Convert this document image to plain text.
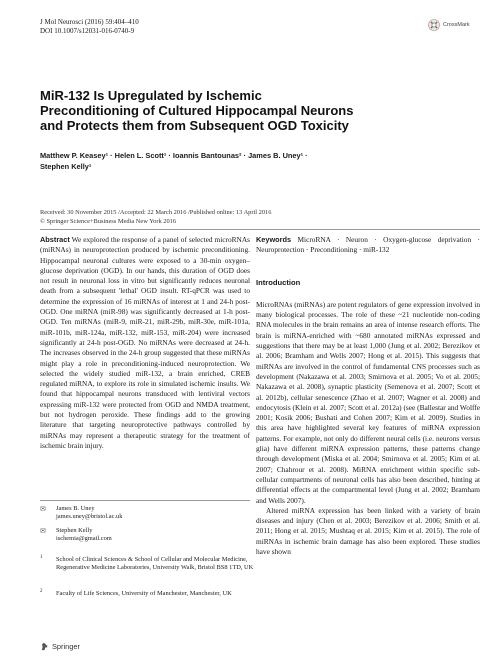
J Mol Neurosci (2016) 59:404–410
DOI 10.1007/s12031-016-0740-9
CrossMark
MiR-132 Is Upregulated by Ischemic Preconditioning of Cultured Hippocampal Neurons and Protects them from Subsequent OGD Toxicity
Matthew P. Keasey¹ · Helen L. Scott¹ · Ioannis Bantounas² · James B. Uney¹ ·
Stephen Kelly¹
Received: 30 November 2015 /Accepted: 22 March 2016 /Published online: 13 April 2016
© Springer Science+Business Media New York 2016

Abstract We explored the response of a panel of selected microRNAs (miRNAs) in neuroprotection produced by ischemic preconditioning. Hippocampal neuronal cultures were exposed to a 30-min oxygen–glucose deprivation (OGD). In our hands, this duration of OGD does not result in neuronal loss in vitro but significantly reduces neuronal death from a subsequent 'lethal' OGD insult. RT-qPCR was used to determine the expression of 16 miRNAs of interest at 1 and 24-h post-OGD. One miRNA (miR-98) was significantly decreased at 1-h post-OGD. Ten miRNAs (miR-9, miR-21, miR-29b, miR-30e, miR-101a, miR-101b, miR-124a, miR-132, miR-153, miR-204) were increased significantly at 24-h post-OGD. No miRNAs were decreased at 24-h. The increases observed in the 24-h group suggested that these miRNAs might play a role in preconditioning-induced neuroprotection. We selected the widely studied miR-132, a brain enriched, CREB regulated miRNA, to explore its role in simulated ischemic insults. We found that hippocampal neurons transduced with lentiviral vectors expressing miR-132 were protected from OGD and NMDA treatment, but not hydrogen peroxide. These findings add to the growing literature that targeting neuroprotective pathways controlled by miRNAs may represent a therapeutic strategy for the treatment of ischemic brain injury.

✉ James B. Uney
james.uney@bristol.ac.uk
✉ Stephen Kelly
ischemia@gmail.com
1 School of Clinical Sciences & School of Cellular and Molecular Medicine, Regenerative Medicine Laboratories, University Walk, Bristol BS8 1TD, UK
2 Faculty of Life Sciences, University of Manchester, Manchester, UK

Keywords MicroRNA · Neuron · Oxygen-glucose deprivation · Neuroprotection · Preconditioning · miR-132

Introduction

MicroRNAs (miRNAs) are potent regulators of gene expression involved in many biological processes. The role of these ~21 nucleotide non-coding RNA molecules in the brain remains an area of intense research efforts. The brain is miRNA-enriched with ~680 annotated miRNAs expressed and suggestions that there may be at least 1,000 (Jung et al. 2002; Berezikov et al. 2006; Bramham and Wells 2007; Hong et al. 2015). This suggests that miRNAs are involved in the control of fundamental CNS processes such as development (Nakazawa et al. 2003; Smirnova et al. 2005; Vo et al. 2005; Nakazawa et al. 2008), synaptic plasticity (Semenova et al. 2007; Scott et al. 2012b), cellular senescence (Zhao et al. 2007; Wagner et al. 2008) and endocytosis (Klein et al. 2007; Scott et al. 2012a) (see (Ballestar and Wolffe 2001; Kosik 2006; Bushati and Cohen 2007; Kim et al. 2009). Studies in this area have highlighted several key features of miRNA expression patterns. For example, not only do different neural cells (i.e. neurons versus glia) have different miRNA expression patterns, these patterns change through development (Miska et al. 2004; Smirnova et al. 2005; Kim et al. 2007; Chahrour et al. 2008). MiRNA enrichment within specific sub-cellular compartments of neuronal cells has also been described, hinting at differential effects at the compartmental level (Jung et al. 2002; Bramham and Wells 2007).

Altered miRNA expression has been linked with a variety of brain diseases and injury (Chen et al. 2003; Berezikov et al. 2006; Smith et al. 2011; Hong et al. 2015; Mushtaq et al. 2015; Kim et al. 2015). The role of miRNAs in ischemic brain damage has also been explored. These studies have shown

Springer
